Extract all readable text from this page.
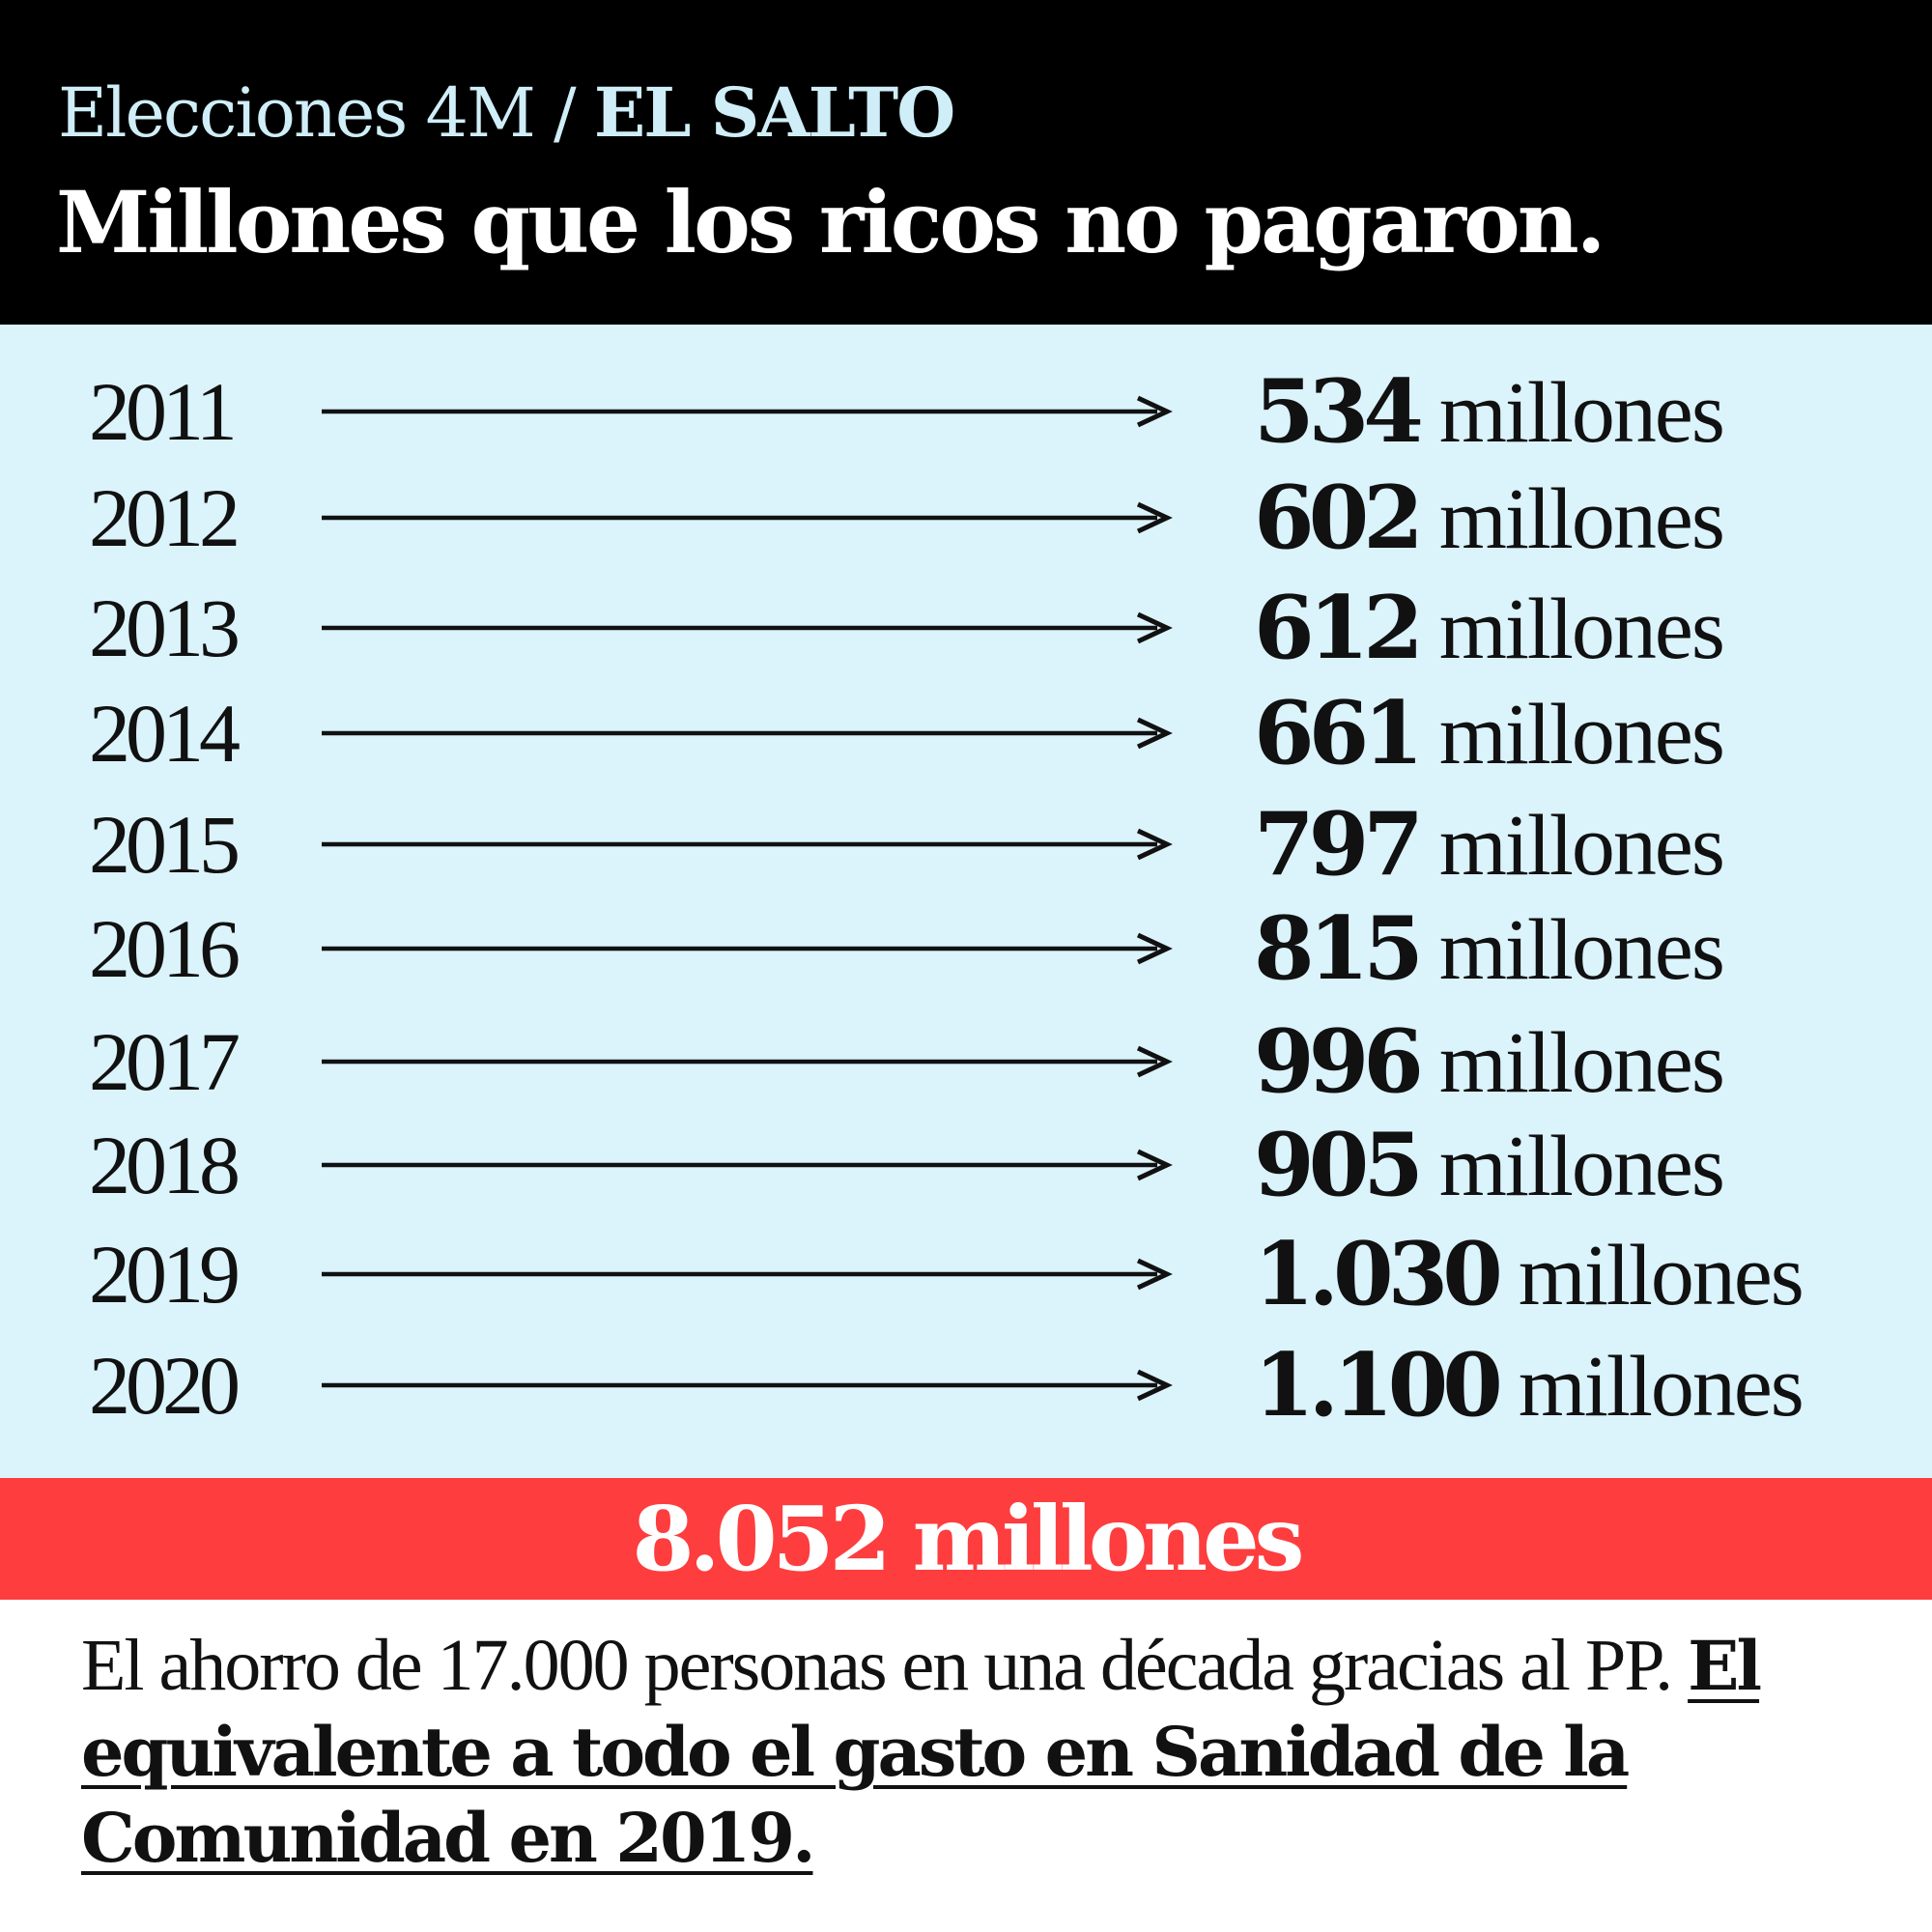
Elecciones 4M / EL SALTO
Millones que los ricos no pagaron.
2011	534 millones
2012	602 millones
2013	612 millones
2014	661 millones
2015	797 millones
2016	815 millones
2017	996 millones
2018	905 millones
2019	1.030 millones
2020	1.100 millones
8.052 millones

El ahorro de 17.000 personas en una década gracias al PP. El equivalente a todo el gasto en Sanidad de la Comunidad en 2019.
